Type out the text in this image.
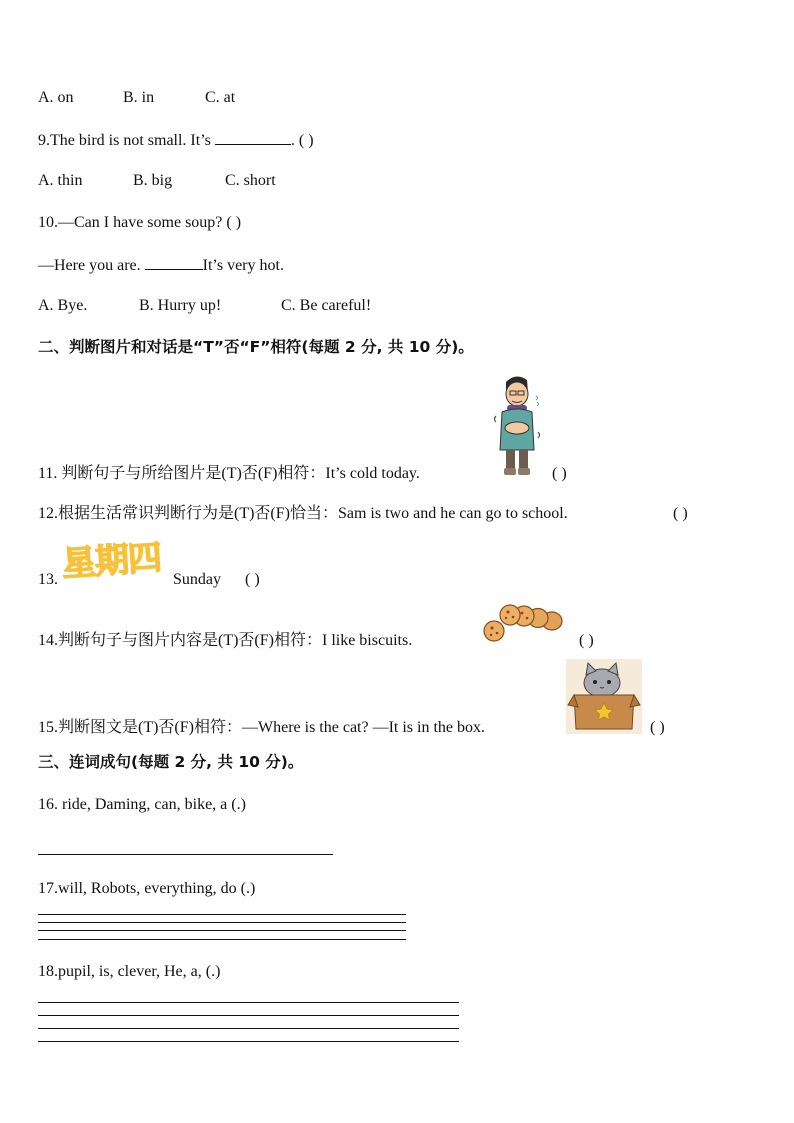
A. on	B. in	C. at
9.The bird is not small. It’s	. ( )
A. thin	B. big	C. short
10.—Can I have some soup? ( )
—Here you are.	It’s very hot.
A. Bye.	B. Hurry up!	C. Be careful!
二、判断图片和对话是“T”否“F”相符(每题 2 分, 共 10 分)。
11. 判断句子与所给图片是(T)否(F)相符：It’s cold today.	( )
12.根据生活常识判断行为是(T)否(F)恰当：Sam is two and he can go to school.	( )
13. 星期四 Sunday ( )
14.判断句子与图片内容是(T)否(F)相符：I like biscuits.	( )
15.判断图文是(T)否(F)相符：—Where is the cat? —It is in the box.	( )
三、连词成句(每题 2 分, 共 10 分)。
16. ride, Daming, can, bike, a (.)
17.will, Robots, everything, do (.)
18.pupil, is, clever, He, a, (.)
